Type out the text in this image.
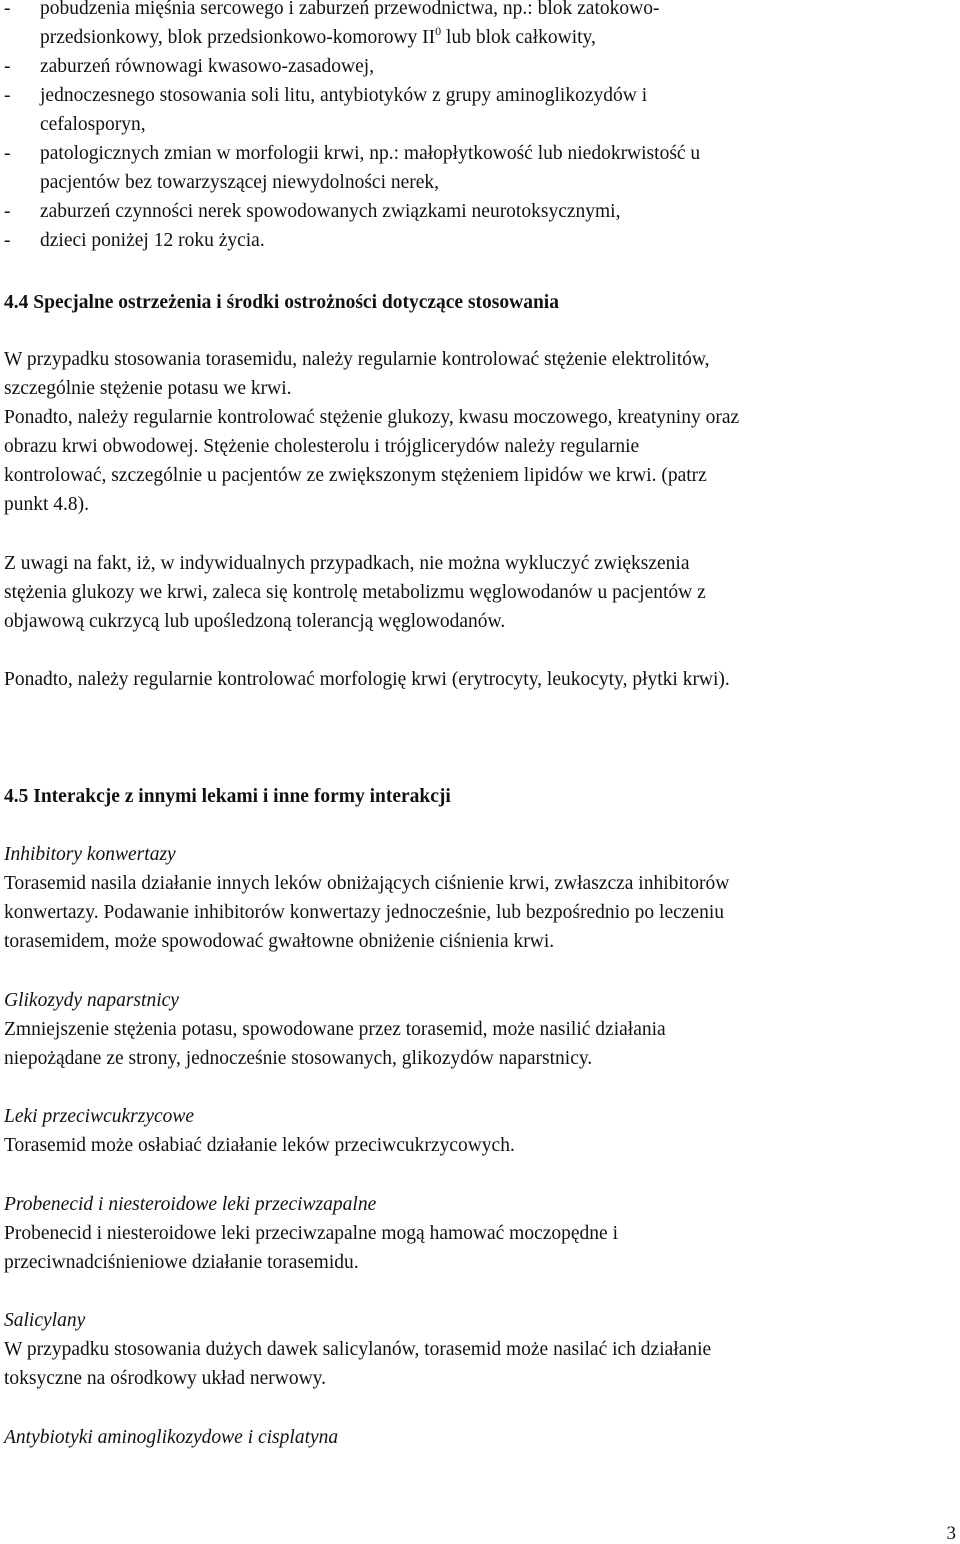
- pobudzenia mięśnia sercowego i zaburzeń przewodnictwa, np.: blok zatokowo-
przedsionkowy, blok przedsionkowo-komorowy $II^0$ lub blok całkowity,
- zaburzeń równowagi kwasowo-zasadowej,
- jednoczesnego stosowania soli litu, antybiotyków z grupy aminoglikozydów i
cefalosporyn,
- patologicznych zmian w morfologii krwi, np.: małopłytkowość lub niedokrwistość u
pacjentów bez towarzyszącej niewydolności nerek,
- zaburzeń czynności nerek spowodowanych związkami neurotoksycznymi,
- dzieci poniżej 12 roku życia.
4.4 Specjalne ostrzeżenia i środki ostrożności dotyczące stosowania
W przypadku stosowania torasemidu, należy regularnie kontrolować stężenie elektrolitów,
szczególnie stężenie potasu we krwi.
Ponadto, należy regularnie kontrolować stężenie glukozy, kwasu moczowego, kreatyniny oraz
obrazu krwi obwodowej. Stężenie cholesterolu i trójglicerydów należy regularnie
kontrolować, szczególnie u pacjentów ze zwiększonym stężeniem lipidów we krwi. (patrz
punkt 4.8).
Z uwagi na fakt, iż, w indywidualnych przypadkach, nie można wykluczyć zwiększenia
stężenia glukozy we krwi, zaleca się kontrolę metabolizmu węglowodanów u pacjentów z
objawową cukrzycą lub upośledzoną tolerancją węglowodanów.
Ponadto, należy regularnie kontrolować morfologię krwi (erytrocyty, leukocyty, płytki krwi).
4.5 Interakcje z innymi lekami i inne formy interakcji
Inhibitory konwertazy
Torasemid nasila działanie innych leków obniżających ciśnienie krwi, zwłaszcza inhibitorów
konwertazy. Podawanie inhibitorów konwertazy jednocześnie, lub bezpośrednio po leczeniu
torasemidem, może spowodować gwałtowne obniżenie ciśnienia krwi.
Glikozydy naparstnicy
Zmniejszenie stężenia potasu, spowodowane przez torasemid, może nasilić działania
niepożądane ze strony, jednocześnie stosowanych, glikozydów naparstnicy.
Leki przeciwcukrzycowe
Torasemid może osłabiać działanie leków przeciwcukrzycowych.
Probenecid i niesteroidowe leki przeciwzapalne
Probenecid i niesteroidowe leki przeciwzapalne mogą hamować moczopędne i
przeciwnadciśnieniowe działanie torasemidu.
Salicylany
W przypadku stosowania dużych dawek salicylanów, torasemid może nasilać ich działanie
toksyczne na ośrodkowy układ nerwowy.
Antybiotyki aminoglikozydowe i cisplatyna
3
